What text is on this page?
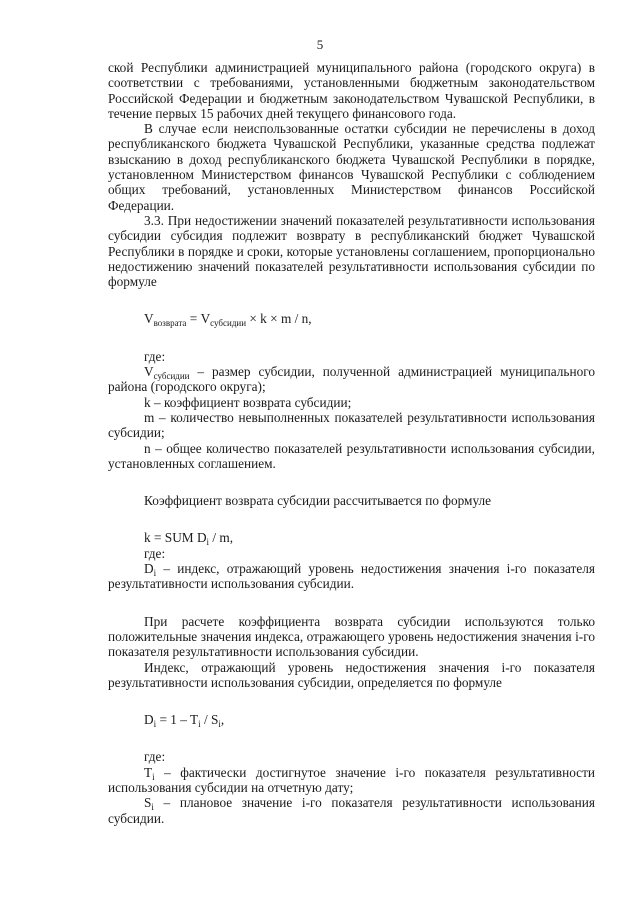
5

ской Республики администрацией муниципального района (городского округа) в соответствии с требованиями, установленными бюджетным законодательством Российской Федерации и бюджетным законодательством Чувашской Республики, в течение первых 15 рабочих дней текущего финансового года.

В случае если неиспользованные остатки субсидии не перечислены в доход республиканского бюджета Чувашской Республики, указанные средства подлежат взысканию в доход республиканского бюджета Чувашской Республики в порядке, установленном Министерством финансов Чувашской Республики с соблюдением общих требований, установленных Министерством финансов Российской Федерации.

3.3. При недостижении значений показателей результативности использования субсидии субсидия подлежит возврату в республиканский бюджет Чувашской Республики в порядке и сроки, которые установлены соглашением, пропорционально недостижению значений показателей результативности использования субсидии по формуле

$V_{возврата} = V_{субсидии} \times k \times m / n$,

где:

$V_{субсидии}$ – размер субсидии, полученной администрацией муниципального района (городского округа);

k – коэффициент возврата субсидии;

m – количество невыполненных показателей результативности использования субсидии;

n – общее количество показателей результативности использования субсидии, установленных соглашением.

Коэффициент возврата субсидии рассчитывается по формуле

k = SUM $D_i$ / m,

где:

$D_i$ – индекс, отражающий уровень недостижения значения i-го показателя результативности использования субсидии.

При расчете коэффициента возврата субсидии используются только положительные значения индекса, отражающего уровень недостижения значения i-го показателя результативности использования субсидии.

Индекс, отражающий уровень недостижения значения i-го показателя результативности использования субсидии, определяется по формуле

$D_i = 1 - T_i / S_i$,

где:

$T_i$ – фактически достигнутое значение i-го показателя результативности использования субсидии на отчетную дату;

$S_i$ – плановое значение i-го показателя результативности использования субсидии.
